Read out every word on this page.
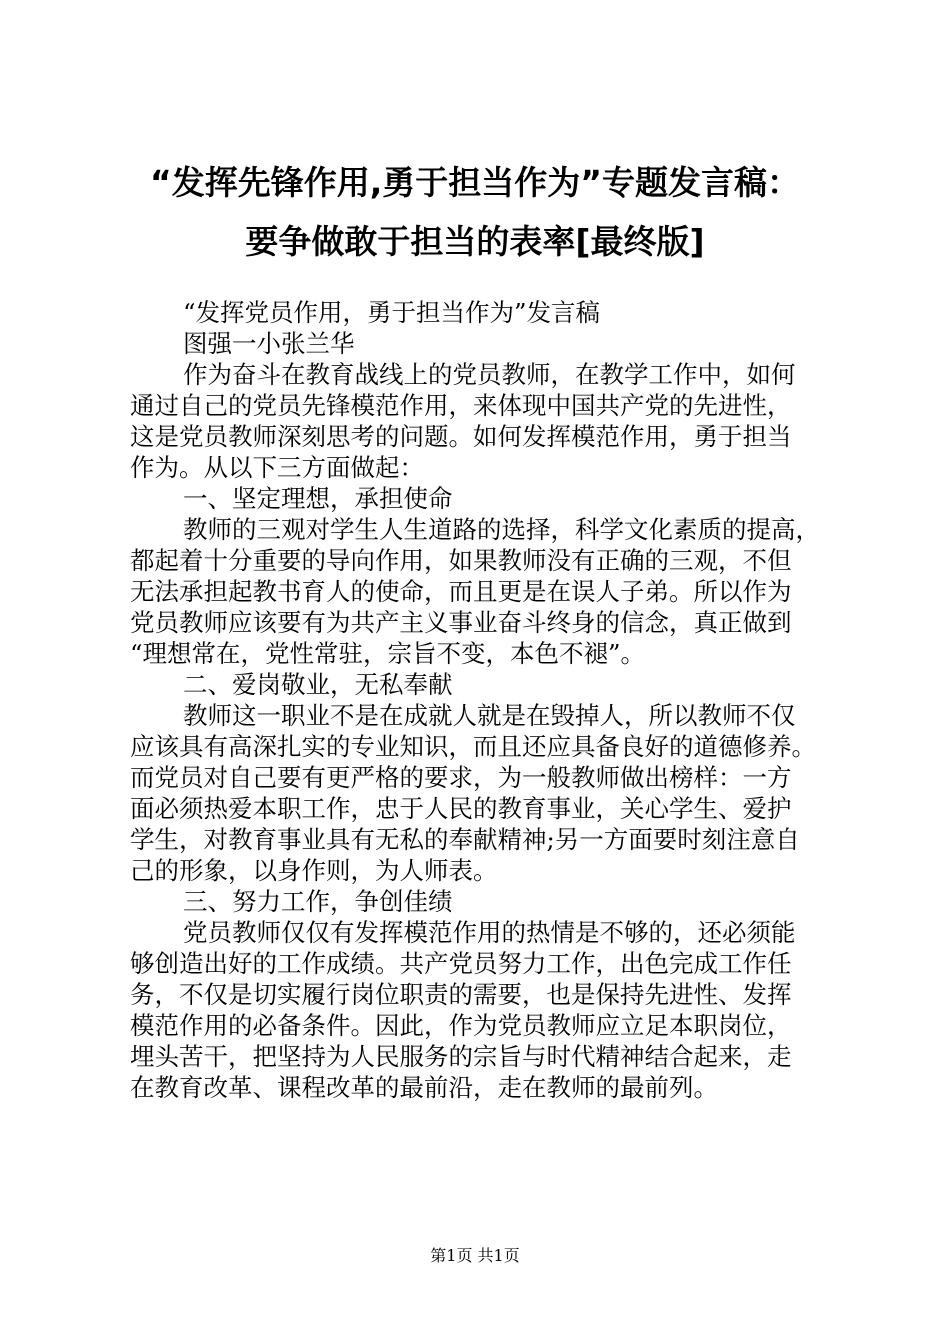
“发挥先锋作用,勇于担当作为”专题发言稿：
要争做敢于担当的表率[最终版]

“发挥党员作用，勇于担当作为”发言稿

图强一小张兰华

作为奋斗在教育战线上的党员教师，在教学工作中，如何
通过自己的党员先锋模范作用，来体现中国共产党的先进性，
这是党员教师深刻思考的问题。如何发挥模范作用，勇于担当
作为。从以下三方面做起：

一、坚定理想，承担使命

教师的三观对学生人生道路的选择，科学文化素质的提高，
都起着十分重要的导向作用，如果教师没有正确的三观，不但
无法承担起教书育人的使命，而且更是在误人子弟。所以作为
党员教师应该要有为共产主义事业奋斗终身的信念，真正做到
“理想常在，党性常驻，宗旨不变，本色不褪”。

二、爱岗敬业，无私奉献

教师这一职业不是在成就人就是在毁掉人，所以教师不仅
应该具有高深扎实的专业知识，而且还应具备良好的道德修养。
而党员对自己要有更严格的要求，为一般教师做出榜样：一方
面必须热爱本职工作，忠于人民的教育事业，关心学生、爱护
学生，对教育事业具有无私的奉献精神;另一方面要时刻注意自
己的形象，以身作则，为人师表。

三、努力工作，争创佳绩

党员教师仅仅有发挥模范作用的热情是不够的，还必须能
够创造出好的工作成绩。共产党员努力工作，出色完成工作任
务，不仅是切实履行岗位职责的需要，也是保持先进性、发挥
模范作用的必备条件。因此，作为党员教师应立足本职岗位，
埋头苦干，把坚持为人民服务的宗旨与时代精神结合起来，走
在教育改革、课程改革的最前沿，走在教师的最前列。

第1页 共1页
